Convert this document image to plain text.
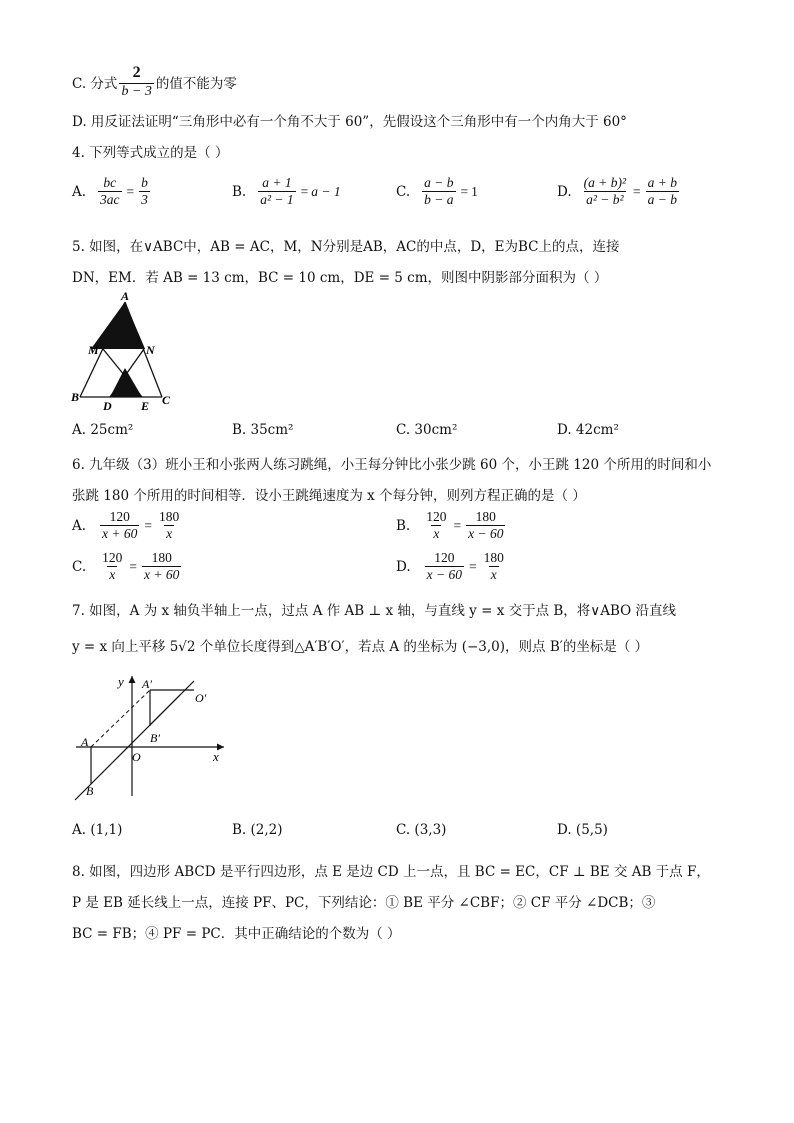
C. 分式 $\frac{2}{b - 3}$ 的值不能为零
D. 用反证法证明“三角形中必有一个角不大于 60”，先假设这个三角形中有一个内角大于 60°
4. 下列等式成立的是（ ）
A. $\frac{bc}{3ac} = \frac{b}{3}$	B. $\frac{a + 1}{\text{a² − 1}} = a - 1$	C. $\frac{a - b}{b - a} = 1$	D. $\frac{\text{(a + b)²}}{\text{a² − b²}} = \frac{a + b}{a - b}$
5. 如图，在∨ABC中，AB = AC，M，N分别是AB，AC的中点，D，E为BC上的点，连接
DN，EM．若 AB = 13 cm，BC = 10 cm，DE = 5 cm，则图中阴影部分面积为（ ）
A
M	N
B
D E C
A. 25cm²	B. 35cm²	C. 30cm²	D. 42cm²
6. 九年级（3）班小王和小张两人练习跳绳，小王每分钟比小张少跳 60 个，小王跳 120 个所用的时间和小
张跳 180 个所用的时间相等．设小王跳绳速度为 x 个每分钟，则列方程正确的是（ ）
A. $\frac{120}{x + 60} = \frac{180}{x}$	B. $\frac{120}{x} = \frac{180}{x - 60}$
C. $\frac{120}{x} = \frac{180}{x + 60}$	D. $\frac{120}{x - 60} = \frac{180}{x}$
7. 如图，A 为 x 轴负半轴上一点，过点 A 作 AB ⊥ x 轴，与直线 y = x 交于点 B，将∨ABO 沿直线
y = x 向上平移 5√2 个单位长度得到△A′B′O′，若点 A 的坐标为 (−3,0)，则点 B′的坐标是（ ）
y A′
O′
A	B′
O	x
B
A. (1,1)	B. (2,2)	C. (3,3)	D. (5,5)
8. 如图，四边形 ABCD 是平行四边形，点 E 是边 CD 上一点，且 BC = EC，CF ⊥ BE 交 AB 于点 F，
P 是 EB 延长线上一点，连接 PF、PC，下列结论：① BE 平分 ∠CBF；② CF 平分 ∠DCB；③
BC = FB；④ PF = PC．其中正确结论的个数为（ ）
